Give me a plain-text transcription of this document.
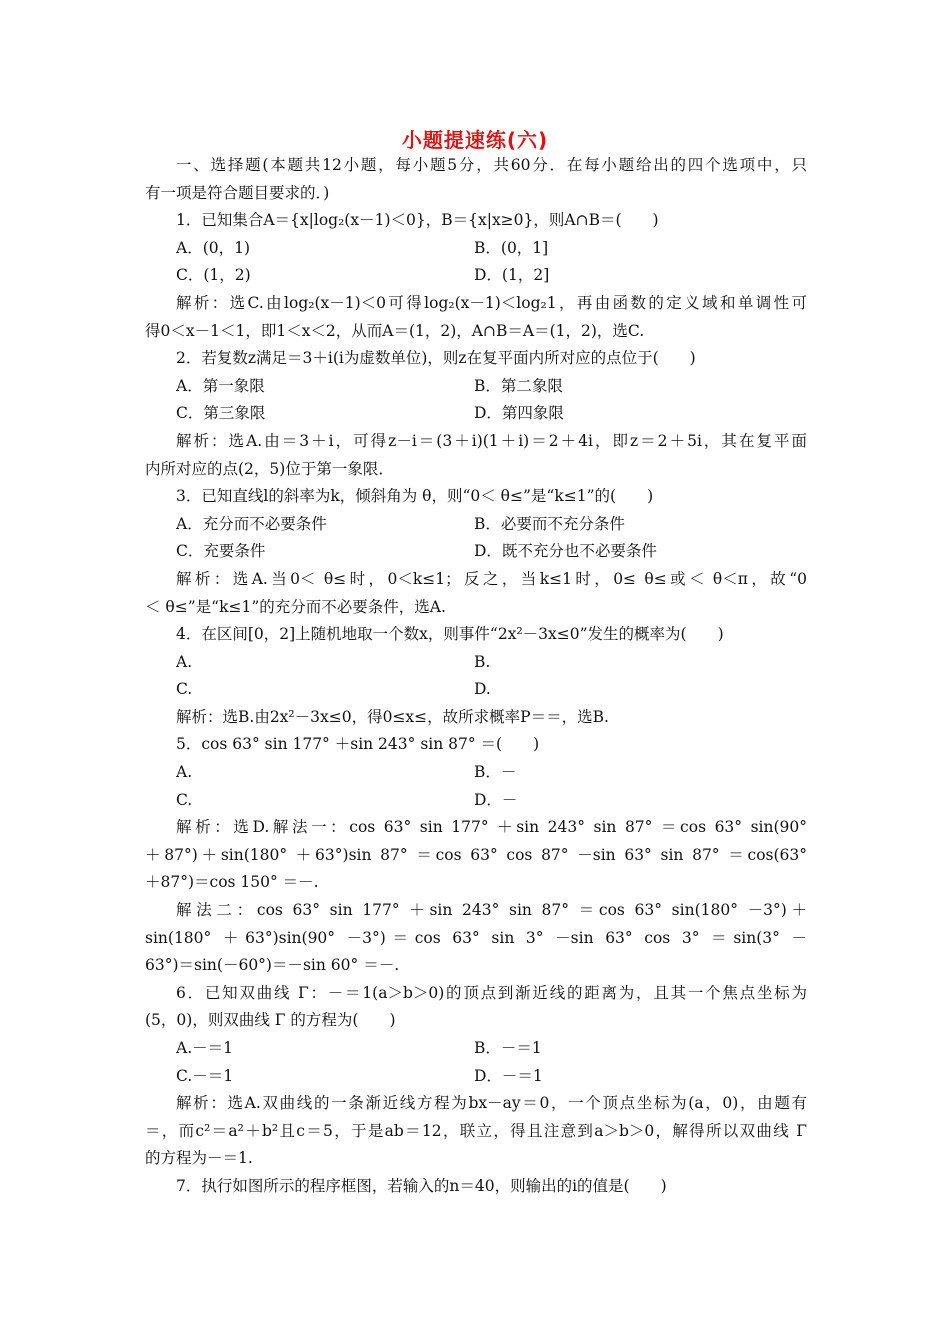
小题提速练(六)
一、选择题(本题共12小题，每小题5分，共60分．在每小题给出的四个选项中，只
有一项是符合题目要求的．)
1．已知集合A＝{x|log₂(x－1)＜0}，B＝{x|x≥0}，则A∩B＝(　　)
A．(0，1)	B．(0，1]
C．(1，2)	D．(1，2]
解析：选C.由log₂(x－1)＜0可得log₂(x－1)＜log₂1，再由函数的定义域和单调性可
得0＜x－1＜1，即1＜x＜2，从而A＝(1，2)，A∩B＝A＝(1，2)，选C.
2．若复数z满足＝3＋i(i为虚数单位)，则z在复平面内所对应的点位于(　　)
A．第一象限	B．第二象限
C．第三象限	D．第四象限
解析：选A.由＝3＋i，可得z－i＝(3＋i)(1＋i)＝2＋4i，即z＝2＋5i，其在复平面
内所对应的点(2，5)位于第一象限．
3．已知直线l的斜率为k，倾斜角为 θ，则“0＜ θ≤”是“k≤1”的(　　)
A．充分而不必要条件	B．必要而不充分条件
C．充要条件	D．既不充分也不必要条件
解析：选A.当0＜ θ≤时，0＜k≤1；反之，当k≤1时，0≤ θ≤或＜ θ＜π，故“0
＜ θ≤”是“k≤1”的充分而不必要条件，选A.
4．在区间[0，2]上随机地取一个数x，则事件“2x²－3x≤0”发生的概率为(　　)
A.	B.
C.	D.
解析：选B.由2x²－3x≤0，得0≤x≤，故所求概率P＝＝，选B.
5．cos 63° sin 177° ＋sin 243° sin 87° ＝(　　)
A.	B．－
C.	D．－
解析：选D.解法一：cos 63° sin 177° ＋sin 243° sin 87° ＝cos 63° sin(90°
＋87°)＋sin(180° ＋63°)sin 87° ＝cos 63° cos 87° －sin 63° sin 87° ＝cos(63°
＋87°)＝cos 150° ＝－.
解法二：cos 63° sin 177° ＋sin 243° sin 87° ＝cos 63° sin(180° －3°)＋
sin(180° ＋63°)sin(90° －3°)＝cos 63° sin 3° －sin 63° cos 3° ＝sin(3° －
63°)＝sin(－60°)＝－sin 60° ＝－.
6．已知双曲线 Γ：－＝1(a＞b＞0)的顶点到渐近线的距离为，且其一个焦点坐标为
(5，0)，则双曲线 Γ 的方程为(　　)
A.－＝1	B．－＝1
C.－＝1	D．－＝1
解析：选A.双曲线的一条渐近线方程为bx－ay＝0，一个顶点坐标为(a，0)，由题有
＝，而c²＝a²＋b²且c＝5，于是ab＝12，联立，得且注意到a＞b＞0，解得所以双曲线 Γ
的方程为－＝1.
7．执行如图所示的程序框图，若输入的n＝40，则输出的i的值是(　　)
